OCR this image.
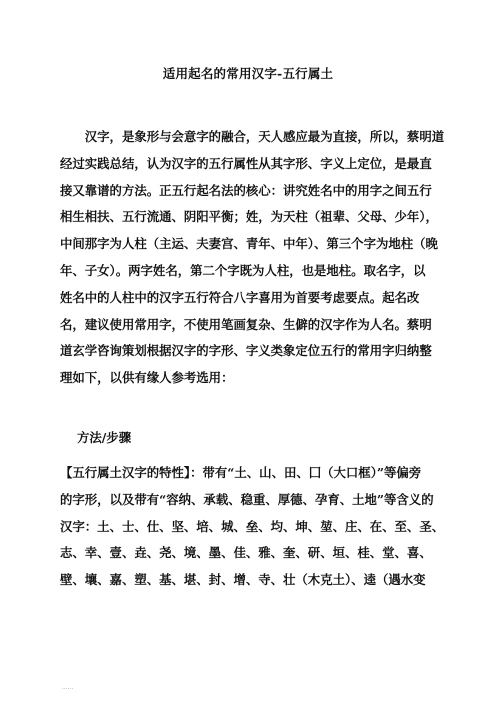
适用起名的常用汉字-五行属土
　　汉字，是象形与会意字的融合，天人感应最为直接，所以，蔡明道
经过实践总结，认为汉字的五行属性从其字形、字义上定位，是最直
接又靠谱的方法。正五行起名法的核心：讲究姓名中的用字之间五行
相生相扶、五行流通、阴阳平衡；姓，为天柱（祖辈、父母、少年），
中间那字为人柱（主运、夫妻宫、青年、中年）、第三个字为地柱（晚
年、子女）。两字姓名，第二个字既为人柱，也是地柱。取名字，以
姓名中的人柱中的汉字五行符合八字喜用为首要考虑要点。起名改
名，建议使用常用字，不使用笔画复杂、生僻的汉字作为人名。蔡明
道玄学咨询策划根据汉字的字形、字义类象定位五行的常用字归纳整
理如下，以供有缘人参考选用：
方法/步骤
【五行属土汉字的特性】：带有“土、山、田、囗（大口框）”等偏旁
的字形，以及带有“容纳、承载、稳重、厚德、孕育、土地”等含义的
汉字：土、士、仕、坚、培、城、垒、均、坤、堃、庄、在、至、圣、
志、幸、壹、垚、尧、境、墨、佳、雅、奎、研、垣、桂、堂、喜、
壁、壤、嘉、塑、基、堪、封、增、寺、壮（木克土）、逵（遇水变
......
